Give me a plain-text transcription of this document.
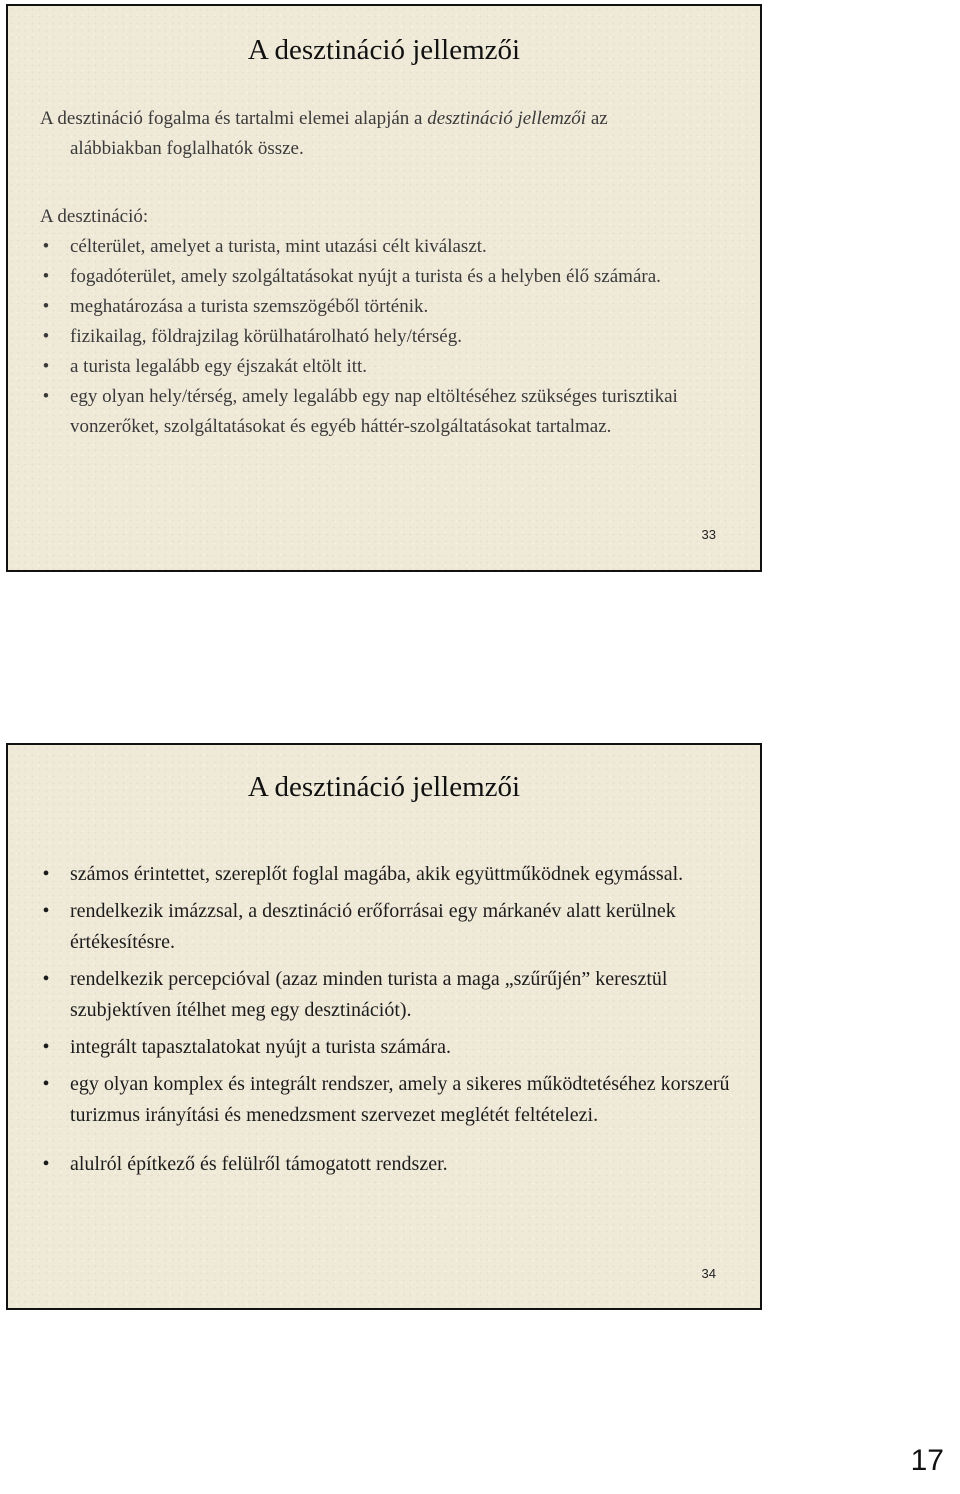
A desztináció jellemzői

A desztináció fogalma és tartalmi elemei alapján a desztináció jellemzői az

alábbiakban foglalhatók össze.

A desztináció:

• célterület, amelyet a turista, mint utazási célt kiválaszt.
• fogadóterület, amely szolgáltatásokat nyújt a turista és a helyben élő számára.
• meghatározása a turista szemszögéből történik.
• fizikailag, földrajzilag körülhatárolható hely/térség.
• a turista legalább egy éjszakát eltölt itt.
• egy olyan hely/térség, amely legalább egy nap eltöltéséhez szükséges turisztikai vonzerőket, szolgáltatásokat és egyéb háttér-szolgáltatásokat tartalmaz.
33
A desztináció jellemzői
• számos érintettet, szereplőt foglal magába, akik együttműködnek egymással.
• rendelkezik imázzsal, a desztináció erőforrásai egy márkanév alatt kerülnek értékesítésre.
• rendelkezik percepcióval (azaz minden turista a maga „szűrűjén” keresztül szubjektíven ítélhet meg egy desztinációt).
• integrált tapasztalatokat nyújt a turista számára.
• egy olyan komplex és integrált rendszer, amely a sikeres működtetéséhez korszerű turizmus irányítási és menedzsment szervezet meglétét feltételezi.
• alulról építkező és felülről támogatott rendszer.
34
17
